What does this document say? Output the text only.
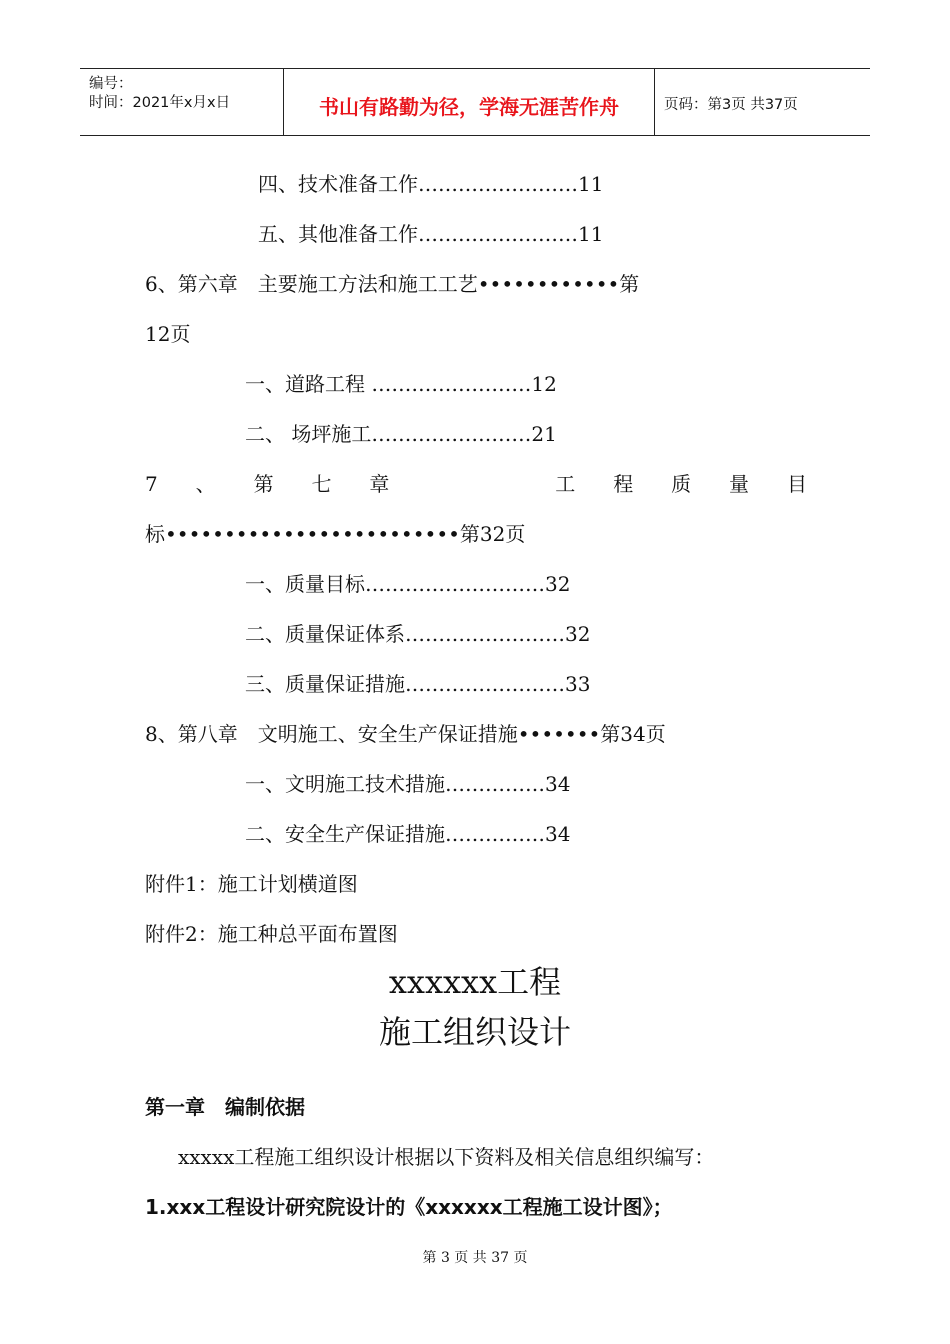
编号：
时间：2021年x月x日	书山有路勤为径，学海无涯苦作舟	页码：第3页 共37页
四、技术准备工作……………………11
五、其他准备工作……………………11
6、第六章　主要施工方法和施工工艺••••••••••••第
12页
一、道路工程 ……………………12
二、 场坪施工……………………21
7 、 第 七 章	工 程 质 量 目
标•••••••••••••••••••••••••第32页
一、质量目标………………………32
二、质量保证体系……………………32
三、质量保证措施……………………33
8、第八章　文明施工、安全生产保证措施•••••••第34页
一、文明施工技术措施……………34
二、安全生产保证措施……………34
附件1：施工计划横道图
附件2：施工种总平面布置图
xxxxxx工程
施工组织设计
第一章　编制依据
xxxxx工程施工组织设计根据以下资料及相关信息组织编写：
1.xxx工程设计研究院设计的《xxxxxx工程施工设计图》；
第 3 页 共 37 页
